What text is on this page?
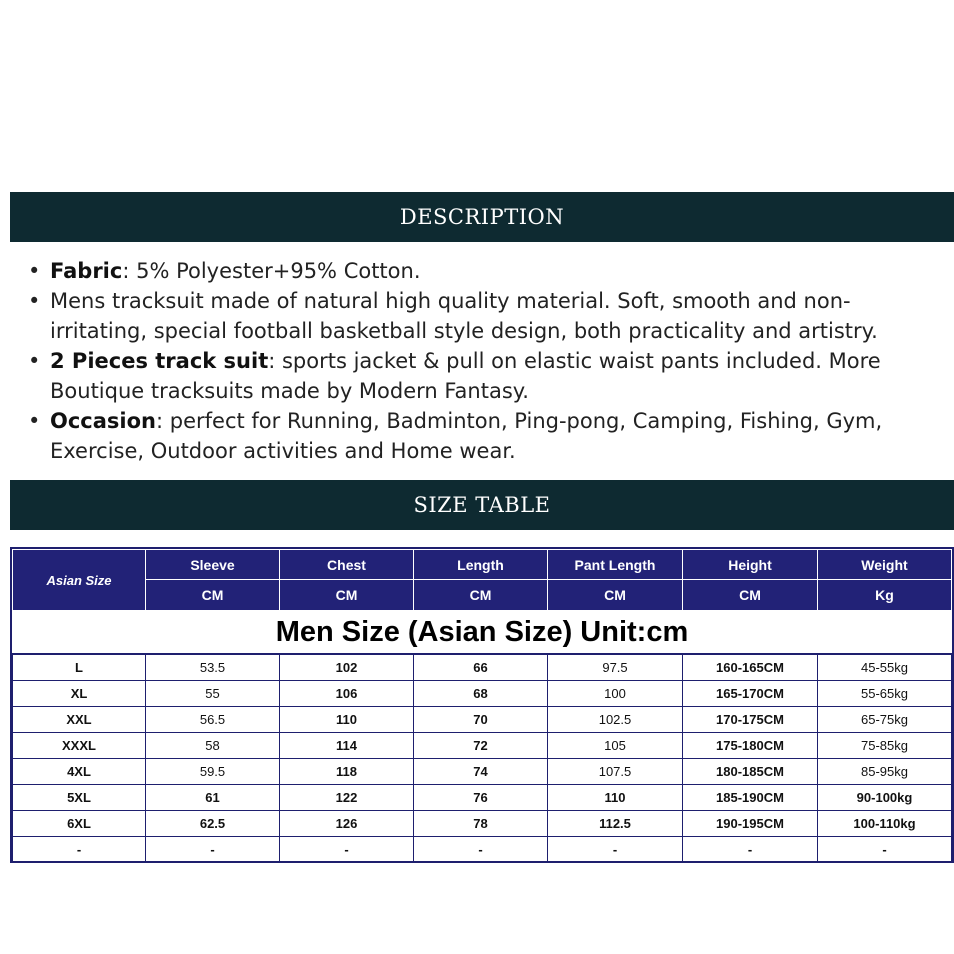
DESCRIPTION
• Fabric: 5% Polyester+95% Cotton.
• Mens tracksuit made of natural high quality material. Soft, smooth and non-irritating, special football basketball style design, both practicality and artistry.
• 2 Pieces track suit: sports jacket & pull on elastic waist pants included. More Boutique tracksuits made by Modern Fantasy.
• Occasion: perfect for Running, Badminton, Ping-pong, Camping, Fishing, Gym, Exercise, Outdoor activities and Home wear.
SIZE TABLE
Men Size (Asian Size) Unit:cm						
Asian Size	Sleeve	Chest	Length	Pant Length	Height	Weight
	CM	CM	CM	CM	CM	Kg
L	53.5	102	66	97.5	160-165CM	45-55kg
XL	55	106	68	100	165-170CM	55-65kg
XXL	56.5	110	70	102.5	170-175CM	65-75kg
XXXL	58	114	72	105	175-180CM	75-85kg
4XL	59.5	118	74	107.5	180-185CM	85-95kg
5XL	61	122	76	110	185-190CM	90-100kg
6XL	62.5	126	78	112.5	190-195CM	100-110kg
-	-	-	-	-	-	-
